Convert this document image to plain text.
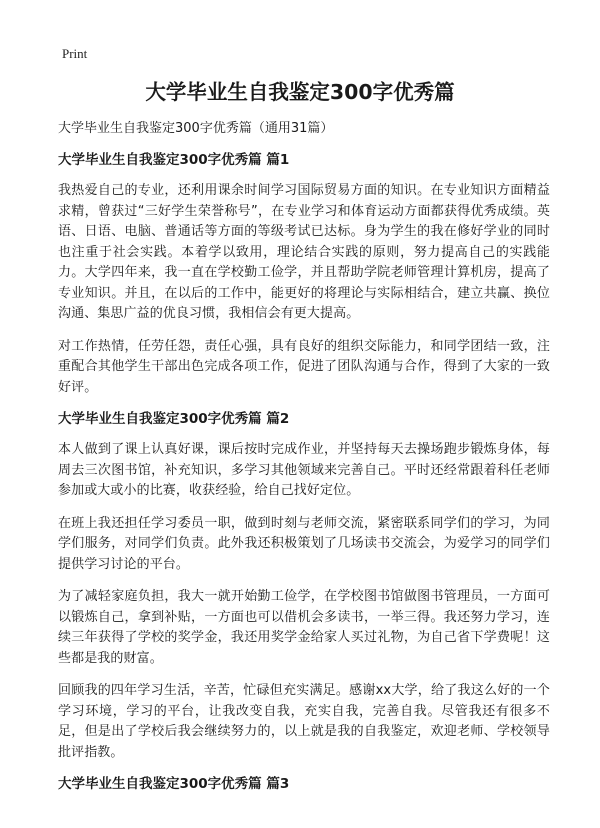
Print
大学毕业生自我鉴定300字优秀篇

大学毕业生自我鉴定300字优秀篇（通用31篇）

大学毕业生自我鉴定300字优秀篇 篇1

我热爱自己的专业，还利用课余时间学习国际贸易方面的知识。在专业知识方面精益求精，曾获过“三好学生荣誉称号”，在专业学习和体育运动方面都获得优秀成绩。英语、日语、电脑、普通话等方面的等级考试已达标。身为学生的我在修好学业的同时也注重于社会实践。本着学以致用，理论结合实践的原则，努力提高自己的实践能力。大学四年来，我一直在学校勤工俭学，并且帮助学院老师管理计算机房，提高了专业知识。并且，在以后的工作中，能更好的将理论与实际相结合，建立共赢、换位沟通、集思广益的优良习惯，我相信会有更大提高。

对工作热情，任劳任怨，责任心强，具有良好的组织交际能力，和同学团结一致，注重配合其他学生干部出色完成各项工作，促进了团队沟通与合作，得到了大家的一致好评。

大学毕业生自我鉴定300字优秀篇 篇2

本人做到了课上认真好课，课后按时完成作业，并坚持每天去操场跑步锻炼身体，每周去三次图书馆，补充知识，多学习其他领域来完善自己。平时还经常跟着科任老师参加或大或小的比赛，收获经验，给自己找好定位。

在班上我还担任学习委员一职，做到时刻与老师交流，紧密联系同学们的学习，为同学们服务，对同学们负责。此外我还积极策划了几场读书交流会，为爱学习的同学们提供学习讨论的平台。

为了减轻家庭负担，我大一就开始勤工俭学，在学校图书馆做图书管理员，一方面可以锻炼自己，拿到补贴，一方面也可以借机会多读书，一举三得。我还努力学习，连续三年获得了学校的奖学金，我还用奖学金给家人买过礼物，为自己省下学费呢！这些都是我的财富。

回顾我的四年学习生活，辛苦，忙碌但充实满足。感谢xx大学，给了我这么好的一个学习环境，学习的平台，让我改变自我，充实自我，完善自我。尽管我还有很多不足，但是出了学校后我会继续努力的，以上就是我的自我鉴定，欢迎老师、学校领导批评指教。

大学毕业生自我鉴定300字优秀篇 篇3
